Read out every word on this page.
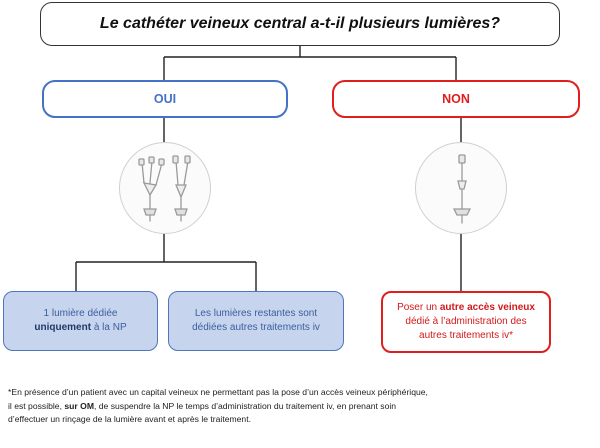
Le cathéter veineux central a-t-il plusieurs lumières?
OUI	NON
1 lumière dédiée
uniquement à la NP
Les lumières restantes sont
dédiées autres traitements iv
Poser un autre accès veineux
dédié à l’administration des
autres traitements iv*
*En présence d’un patient avec un capital veineux ne permettant pas la pose d’un accès veineux périphérique,
il est possible, sur OM, de suspendre la NP le temps d’administration du traitement iv, en prenant soin
d’effectuer un rinçage de la lumière avant et après le traitement.
